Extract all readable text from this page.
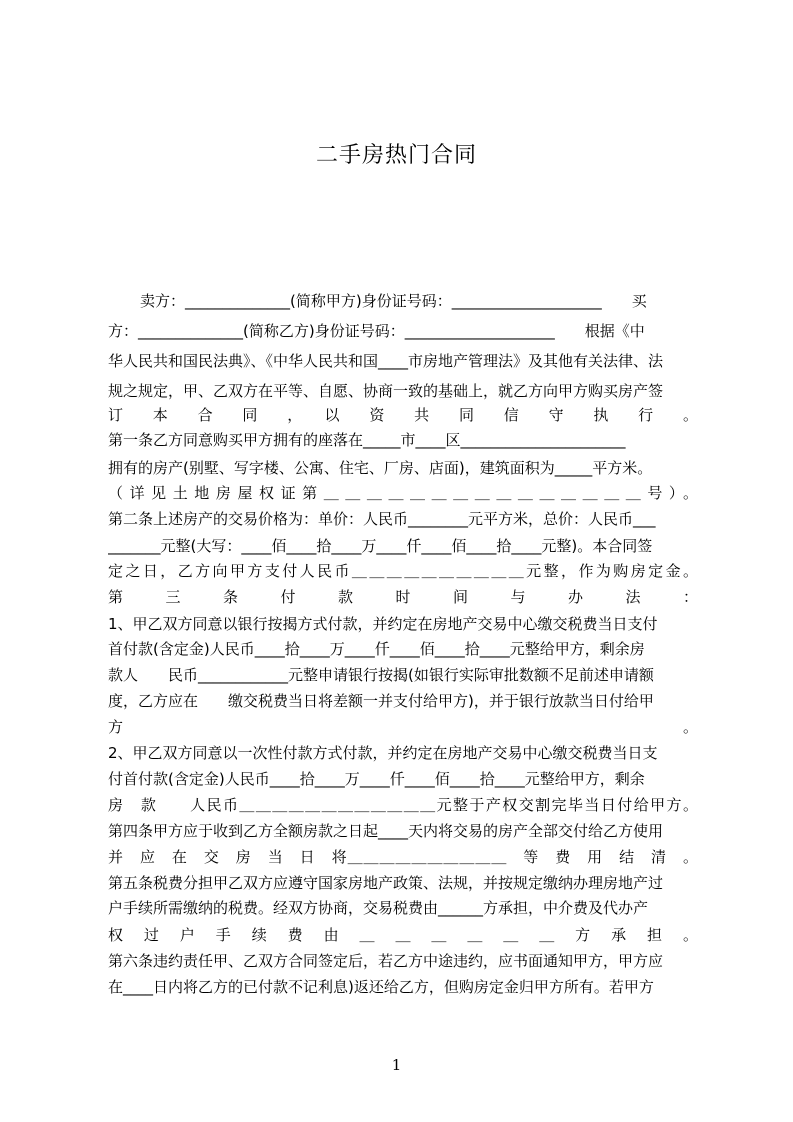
二手房热门合同
卖方：______________(简称甲方)身份证号码：____________________　　买
方：______________(简称乙方)身份证号码：____________________　　根据《中
华人民共和国民法典》、《中华人民共和国____市房地产管理法》及其他有关法律、法
规之规定，甲、乙双方在平等、自愿、协商一致的基础上，就乙方向甲方购买房产签
订　本　合　同　，　以　资　共　同　信　守　执　行　。
第一条乙方同意购买甲方拥有的座落在_____市____区______________________
拥有的房产(别墅、写字楼、公寓、住宅、厂房、店面)，建筑面积为_____平方米。
（详见土地房屋权证第＿＿＿＿＿＿＿＿＿＿＿＿＿＿＿号）。
第二条上述房产的交易价格为：单价：人民币________元平方米，总价：人民币___
_______元整(大写：____佰____拾____万____仟____佰____拾____元整)。本合同签
定之日，乙方向甲方支付人民币＿＿＿＿＿＿＿＿＿＿元整，作为购房定金。
第　三　条　付　款　时　间　与　办　法　：
1、甲乙双方同意以银行按揭方式付款，并约定在房地产交易中心缴交税费当日支付
首付款(含定金)人民币____拾____万____仟____佰____拾____元整给甲方，剩余房
款人　　民币____________元整申请银行按揭(如银行实际审批数额不足前述申请额
度，乙方应在　　缴交税费当日将差额一并支付给甲方)，并于银行放款当日付给甲
方　　　　　　　　　　　　　　　　　　　　　　　　　　　　　　　　　　。
2、甲乙双方同意以一次性付款方式付款，并约定在房地产交易中心缴交税费当日支
付首付款(含定金)人民币____拾____万____仟____佰____拾____元整给甲方，剩余
房　款　　人民币＿＿＿＿＿＿＿＿＿＿＿＿元整于产权交割完毕当日付给甲方。
第四条甲方应于收到乙方全额房款之日起____天内将交易的房产全部交付给乙方使用
并　应　在　交　房　当　日　将＿＿＿＿＿＿＿＿＿＿　等　费　用　结　清　。
第五条税费分担甲乙双方应遵守国家房地产政策、法规，并按规定缴纳办理房地产过
户手续所需缴纳的税费。经双方协商，交易税费由______方承担，中介费及代办产
权　过　户　手　续　费　由　＿　＿　＿　＿　＿　＿　方　承　担　。
第六条违约责任甲、乙双方合同签定后，若乙方中途违约，应书面通知甲方，甲方应
在____日内将乙方的已付款不记利息)返还给乙方，但购房定金归甲方所有。若甲方
1
